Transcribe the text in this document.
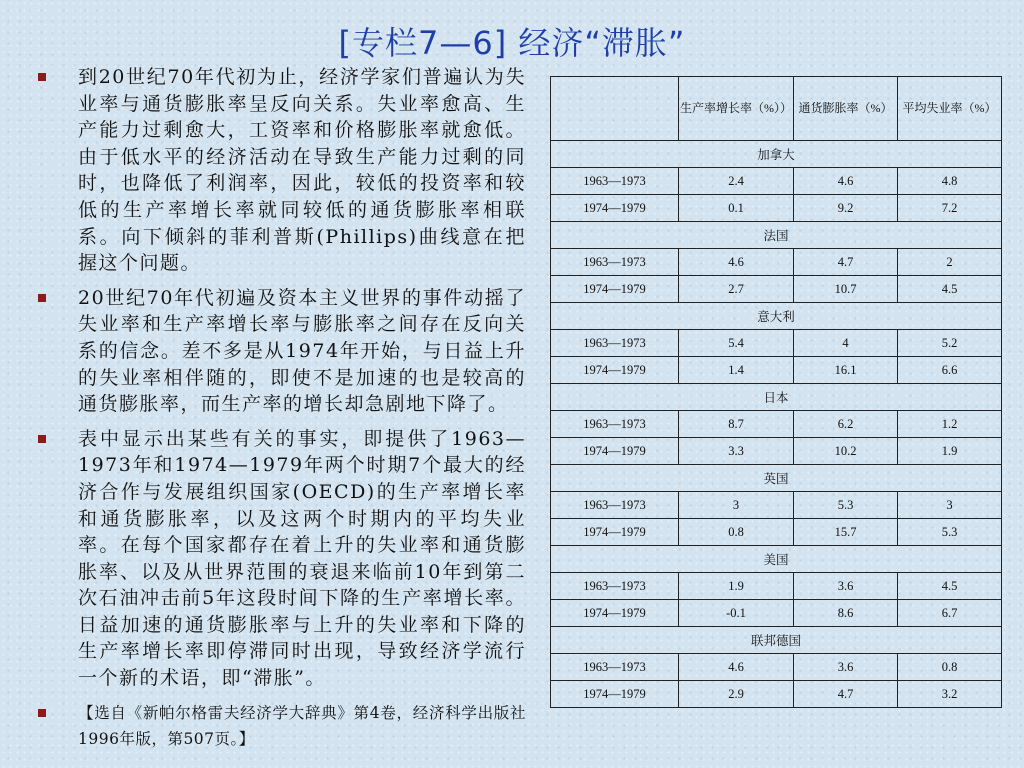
[专栏7—6] 经济“滞胀”
到20世纪70年代初为止，经济学家们普遍认为失业率与通货膨胀率呈反向关系。失业率愈高、生产能力过剩愈大，工资率和价格膨胀率就愈低。由于低水平的经济活动在导致生产能力过剩的同时，也降低了利润率，因此，较低的投资率和较低的生产率增长率就同较低的通货膨胀率相联系。向下倾斜的菲利普斯(Phillips)曲线意在把握这个问题。
20世纪70年代初遍及资本主义世界的事件动摇了失业率和生产率增长率与膨胀率之间存在反向关系的信念。差不多是从1974年开始，与日益上升的失业率相伴随的，即使不是加速的也是较高的通货膨胀率，而生产率的增长却急剧地下降了。
表中显示出某些有关的事实，即提供了1963—1973年和1974—1979年两个时期7个最大的经济合作与发展组织国家(OECD)的生产率增长率和通货膨胀率，以及这两个时期内的平均失业率。在每个国家都存在着上升的失业率和通货膨胀率、以及从世界范围的衰退来临前10年到第二次石油冲击前5年这段时间下降的生产率增长率。日益加速的通货膨胀率与上升的失业率和下降的生产率增长率即停滞同时出现，导致经济学流行一个新的术语，即“滞胀”。
【选自《新帕尔格雷夫经济学大辞典》第4卷，经济科学出版社1996年版，第507页。】
	生产率增长率（%））	通货膨胀率（%）	平均失业率（%）
加拿大			
1963—1973	2.4	4.6	4.8
1974—1979	0.1	9.2	7.2
法国			
1963—1973	4.6	4.7	2
1974—1979	2.7	10.7	4.5
意大利			
1963—1973	5.4	4	5.2
1974—1979	1.4	16.1	6.6
日本			
1963—1973	8.7	6.2	1.2
1974—1979	3.3	10.2	1.9
英国			
1963—1973	3	5.3	3
1974—1979	0.8	15.7	5.3
美国			
1963—1973	1.9	3.6	4.5
1974—1979	-0.1	8.6	6.7
联邦德国			
1963—1973	4.6	3.6	0.8
1974—1979	2.9	4.7	3.2
